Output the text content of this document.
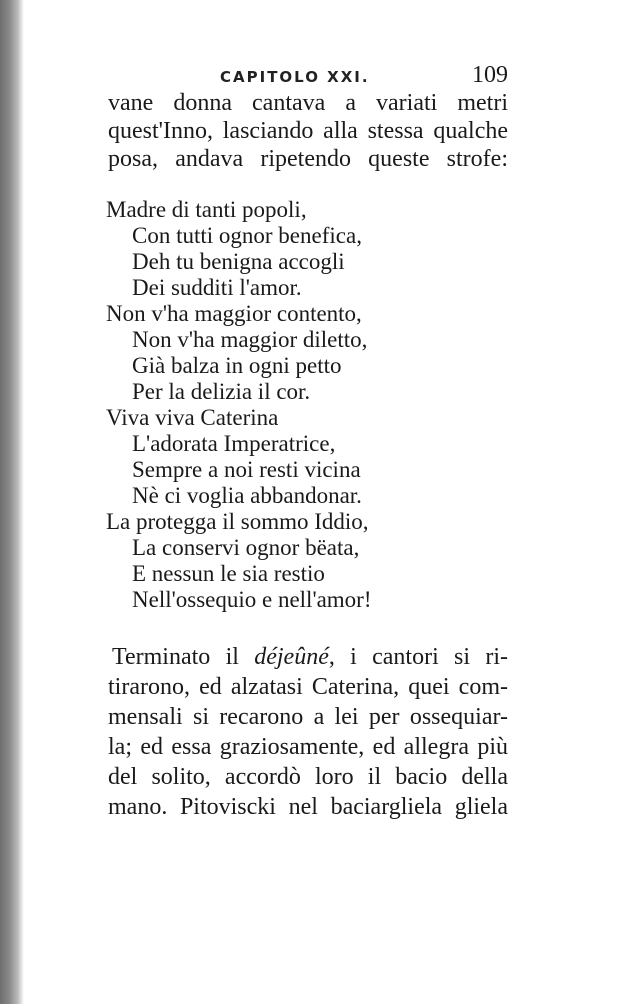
CAPITOLO XXI.	109
vane donna cantava a variati metri
quest'Inno, lasciando alla stessa qualche
posa, andava ripetendo queste strofe:
Madre di tanti popoli,
Con tutti ognor benefica,
Deh tu benigna accogli
Dei sudditi l'amor.
Non v'ha maggior contento,
Non v'ha maggior diletto,
Già balza in ogni petto
Per la delizia il cor.
Viva viva Caterina
L'adorata Imperatrice,
Sempre a noi resti vicina
Nè ci voglia abbandonar.
La protegga il sommo Iddio,
La conservi ognor bëata,
E nessun le sia restio
Nell'ossequio e nell'amor!
Terminato il déjeûné, i cantori si ri-
tirarono, ed alzatasi Caterina, quei com-
mensali si recarono a lei per ossequiar-
la; ed essa graziosamente, ed allegra più
del solito, accordò loro il bacio della
mano. Pitoviscki nel baciargliela gliela
